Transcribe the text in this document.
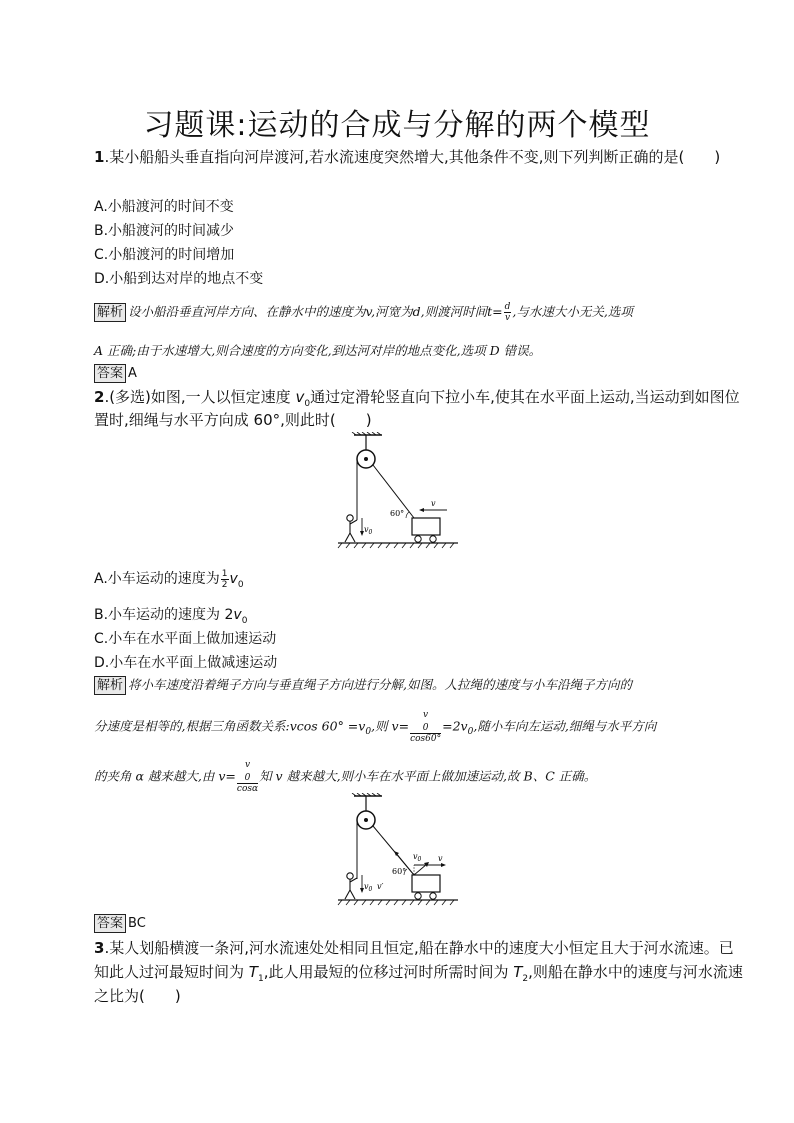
习题课:运动的合成与分解的两个模型
1.某小船船头垂直指向河岸渡河,若水流速度突然增大,其他条件不变,则下列判断正确的是(　　)
A.小船渡河的时间不变
B.小船渡河的时间减少
C.小船渡河的时间增加
D.小船到达对岸的地点不变
解析 设小船沿垂直河岸方向、在静水中的速度为v,河宽为d,则渡河时间$t= \frac{d}{v}$ ,与水速大小无关,选项
A 正确;由于水速增大,则合速度的方向变化,到达河对岸的地点变化,选项 D 错误。
答案 A
2.(多选)如图,一人以恒定速度 $v_0$通过定滑轮竖直向下拉小车,使其在水平面上运动,当运动到如图位
置时,细绳与水平方向成 60°,则此时(　　)
$v_0$
60°
v
A.小车运动的速度为 $\frac{1}{2} v_0$
B.小车运动的速度为 $2v_0$
C.小车在水平面上做加速运动
D.小车在水平面上做减速运动
解析 将小车速度沿着绳子方向与垂直绳子方向进行分解,如图。人拉绳的速度与小车沿绳子方向的
分速度是相等的,根据三角函数关系:vcos $60^\circ =v_0$,则 v= v
$_0$
$\cos 60^\circ =2v_0$,随小车向左运动,细绳与水平方向
的夹角 α 越来越大,由 v= v
$_0$
cosα 知 v 越来越大,则小车在水平面上做加速运动,故 B、C 正确。
$v_0$ v′
60°
$v_0$ v
答案 BC
3.某人划船横渡一条河,河水流速处处相同且恒定,船在静水中的速度大小恒定且大于河水流速。已
知此人过河最短时间为 $T_1$,此人用最短的位移过河时所需时间为 $T_2$,则船在静水中的速度与河水流速
之比为(　　)
